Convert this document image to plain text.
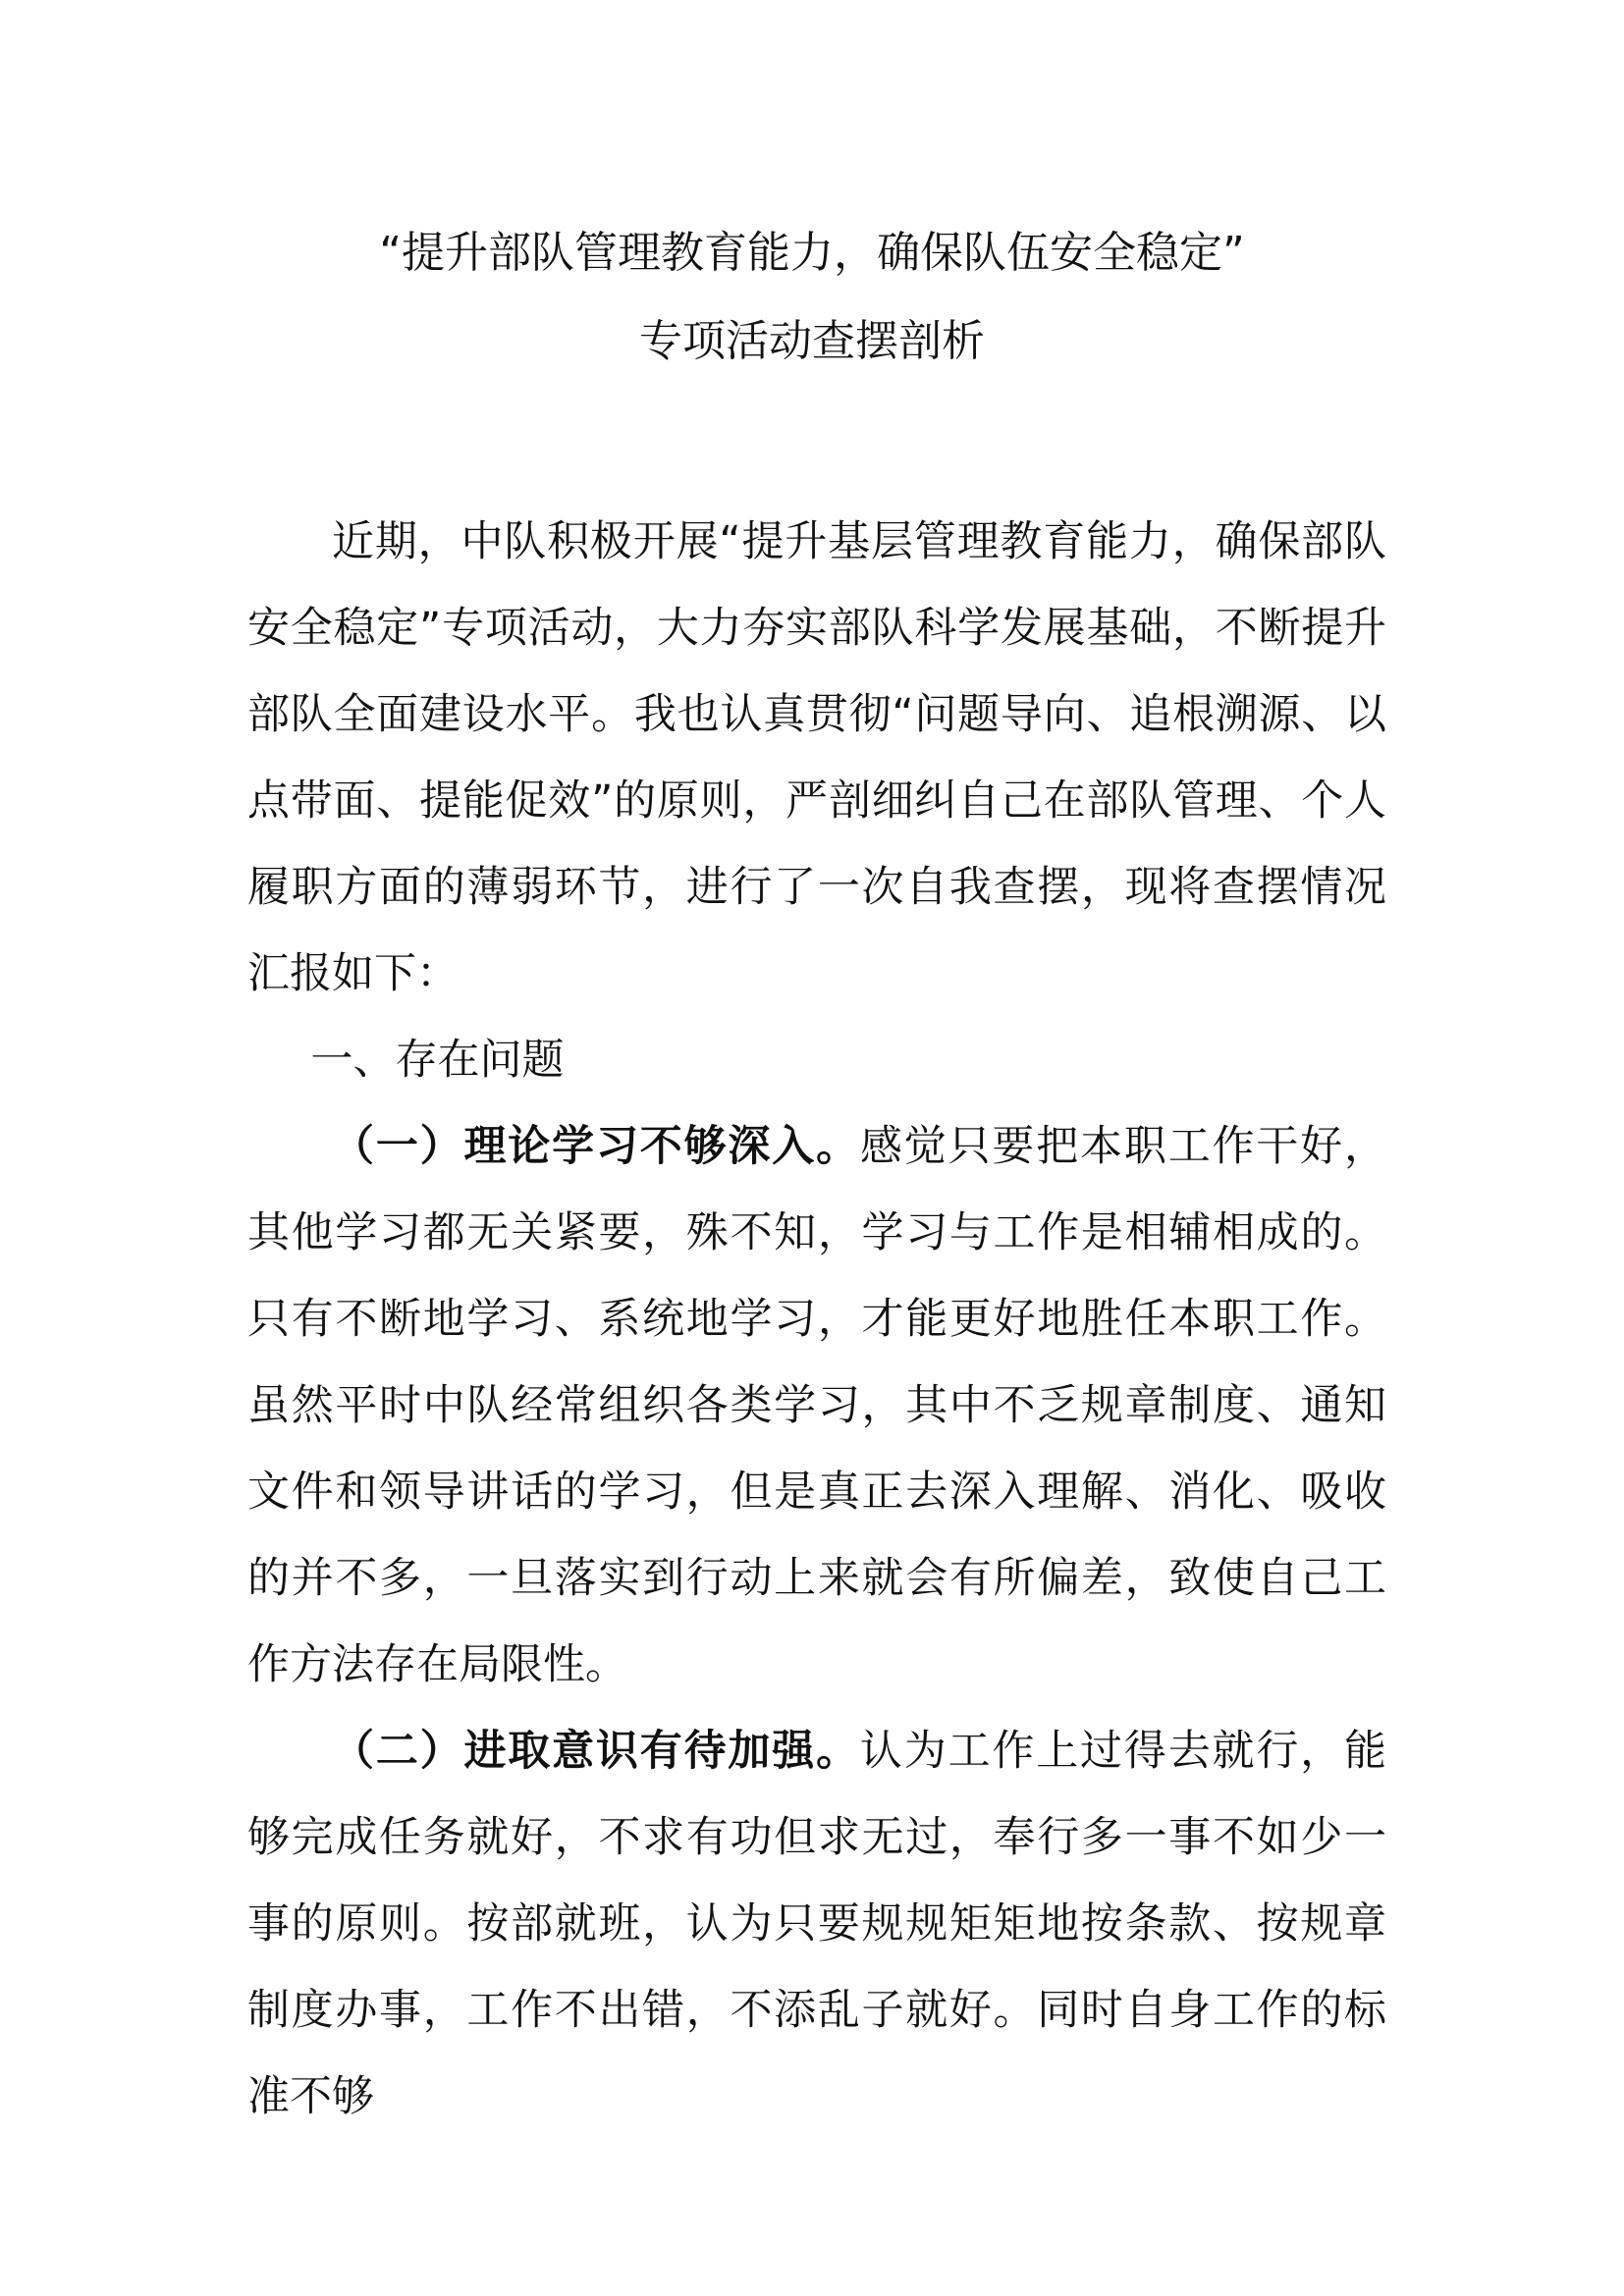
“提升部队管理教育能力，确保队伍安全稳定”
专项活动查摆剖析

近期，中队积极开展“提升基层管理教育能力，确保部队安全稳定”专项活动，大力夯实部队科学发展基础，不断提升部队全面建设水平。我也认真贯彻“问题导向、追根溯源、以点带面、提能促效”的原则，严剖细纠自己在部队管理、个人履职方面的薄弱环节，进行了一次自我查摆，现将查摆情况汇报如下：

一、存在问题

（一）理论学习不够深入。感觉只要把本职工作干好，其他学习都无关紧要，殊不知，学习与工作是相辅相成的。只有不断地学习、系统地学习，才能更好地胜任本职工作。虽然平时中队经常组织各类学习，其中不乏规章制度、通知文件和领导讲话的学习，但是真正去深入理解、消化、吸收的并不多，一旦落实到行动上来就会有所偏差，致使自己工作方法存在局限性。

（二）进取意识有待加强。认为工作上过得去就行，能够完成任务就好，不求有功但求无过，奉行多一事不如少一事的原则。按部就班，认为只要规规矩矩地按条款、按规章制度办事，工作不出错，不添乱子就好。同时自身工作的标准不够
